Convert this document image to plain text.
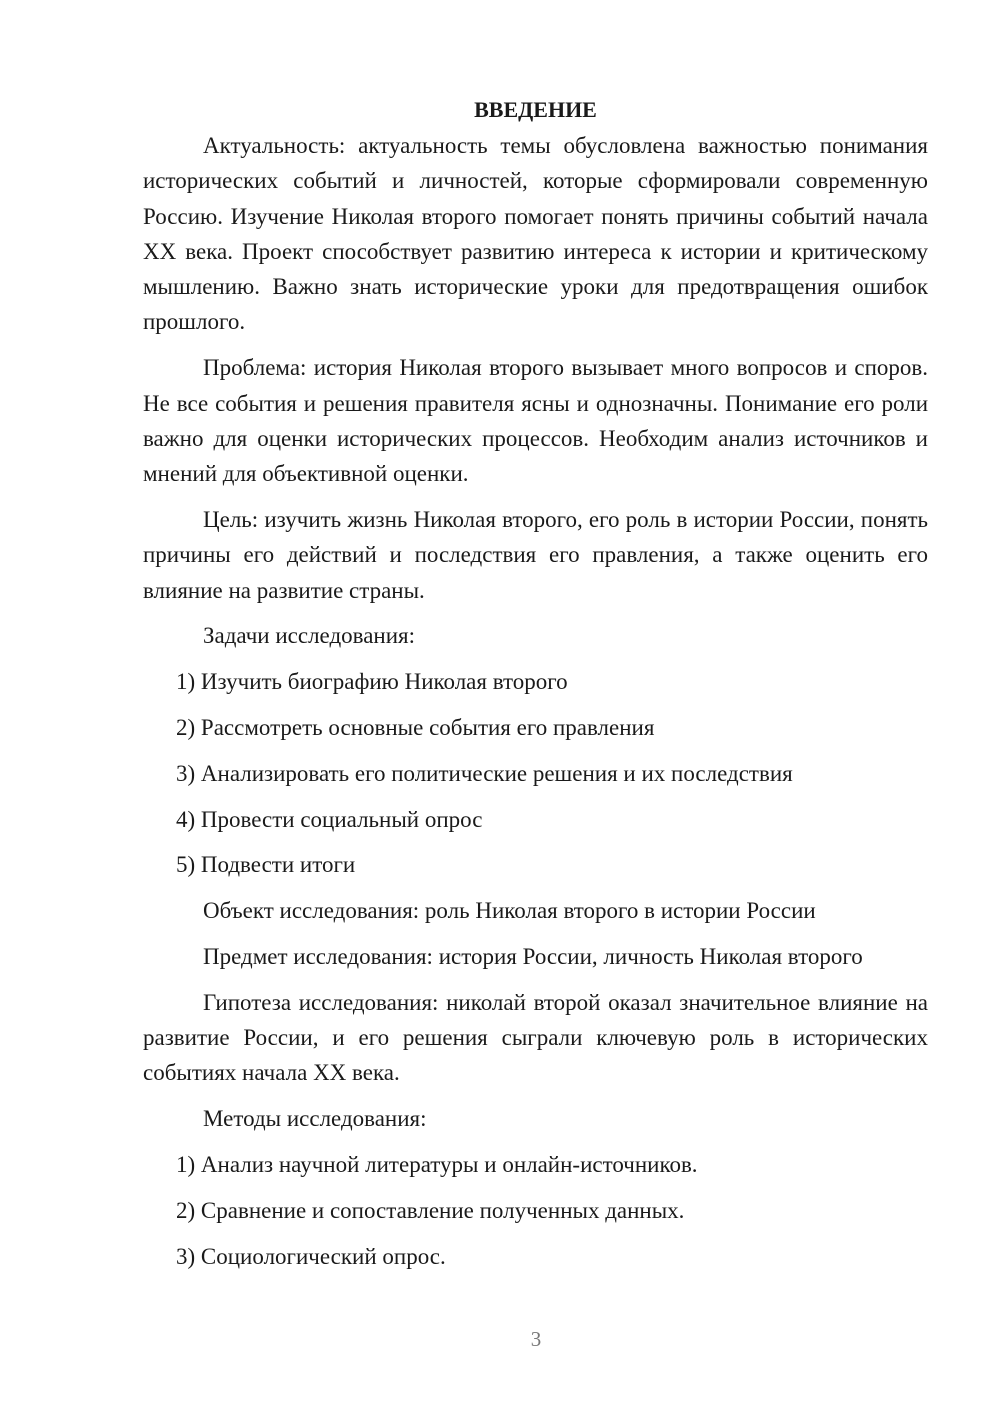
ВВЕДЕНИЕ

Актуальность: актуальность темы обусловлена важностью понимания исторических событий и личностей, которые сформировали современную Россию. Изучение Николая второго помогает понять причины событий начала XX века. Проект способствует развитию интереса к истории и критическому мышлению. Важно знать исторические уроки для предотвращения ошибок прошлого.

Проблема: история Николая второго вызывает много вопросов и споров. Не все события и решения правителя ясны и однозначны. Понимание его роли важно для оценки исторических процессов. Необходим анализ источников и мнений для объективной оценки.

Цель: изучить жизнь Николая второго, его роль в истории России, понять причины его действий и последствия его правления, а также оценить его влияние на развитие страны.

Задачи исследования:
1) Изучить биографию Николая второго
2) Рассмотреть основные события его правления
3) Анализировать его политические решения и их последствия
4) Провести социальный опрос
5) Подвести итоги
Объект исследования: роль Николая второго в истории России
Предмет исследования: история России, личность Николая второго

Гипотеза исследования: николай второй оказал значительное влияние на развитие России, и его решения сыграли ключевую роль в исторических событиях начала XX века.

Методы исследования:
1) Анализ научной литературы и онлайн-источников.
2) Сравнение и сопоставление полученных данных.
3) Социологический опрос.
3
